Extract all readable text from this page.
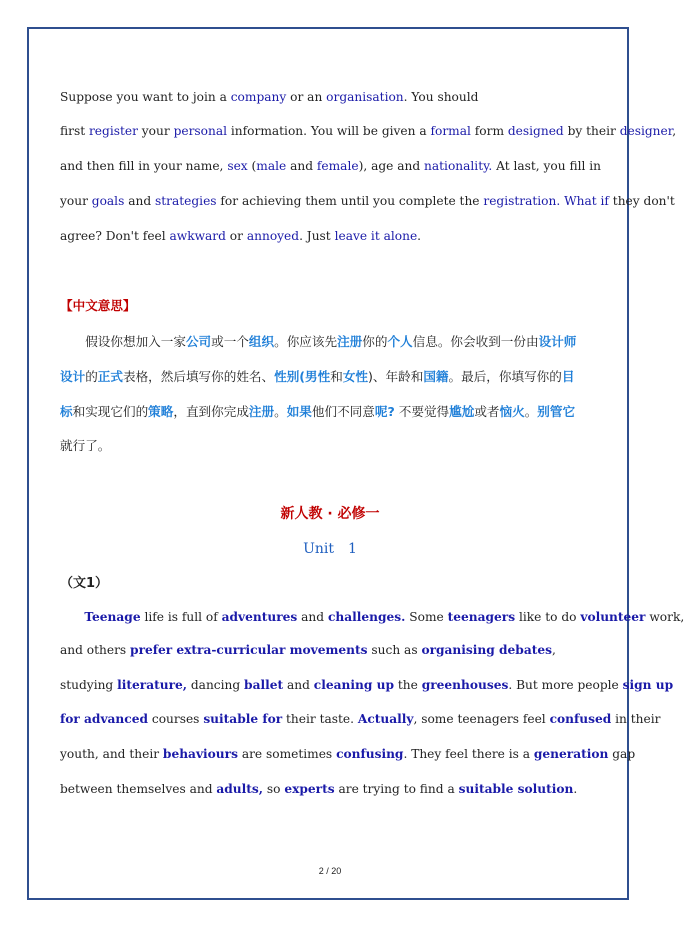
Suppose you want to join a company or an organisation. You should
first register your personal information. You will be given a formal form designed by their designer,
and then fill in your name, sex (male and female), age and nationality. At last, you fill in
your goals and strategies for achieving them until you complete the registration. What if they don't
agree? Don't feel awkward or annoyed. Just leave it alone.
【中文意思】
　　假设你想加入一家公司或一个组织。你应该先注册你的个人信息。你会收到一份由设计师
设计的正式表格，然后填写你的姓名、性别(男性和女性)、年龄和国籍。最后，你填写你的目
标和实现它们的策略，直到你完成注册。如果他们不同意呢? 不要觉得尴尬或者恼火。别管它
就行了。
新人教 · 必修一
Unit　1
（文1）
　　Teenage life is full of adventures and challenges. Some teenagers like to do volunteer work,
and others prefer extra-curricular movements such as organising debates,
studying literature, dancing ballet and cleaning up the greenhouses. But more people sign up
for advanced courses suitable for their taste. Actually, some teenagers feel confused in their
youth, and their behaviours are sometimes confusing. They feel there is a generation gap
between themselves and adults, so experts are trying to find a suitable solution.
2 / 20
